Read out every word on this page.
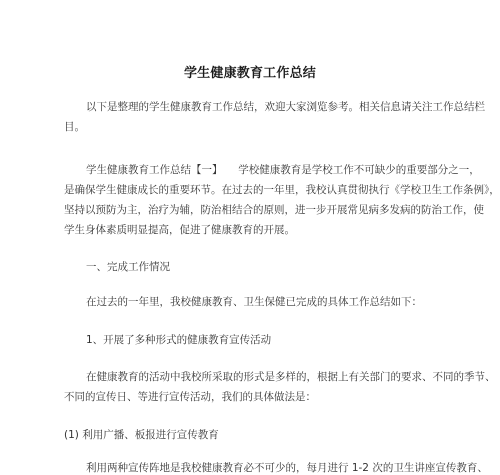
学生健康教育工作总结

以下是整理的学生健康教育工作总结，欢迎大家浏览参考。相关信息请关注工作总结栏
目。

学生健康教育工作总结【一】　　学校健康教育是学校工作不可缺少的重要部分之一，
是确保学生健康成长的重要环节。在过去的一年里，我校认真贯彻执行《学校卫生工作条例》，
坚持以预防为主，治疗为辅，防治相结合的原则，进一步开展常见病多发病的防治工作，使
学生身体素质明显提高，促进了健康教育的开展。

一、完成工作情况

在过去的一年里，我校健康教育、卫生保健已完成的具体工作总结如下：

1、开展了多种形式的健康教育宣传活动

在健康教育的活动中我校所采取的形式是多样的，根据上有关部门的要求、不同的季节、
不同的宣传日、等进行宣传活动，我们的具体做法是：

(1) 利用广播、板报进行宣传教育

利用两种宣传阵地是我校健康教育必不可少的，每月进行 1-2 次的卫生讲座宣传教育、
